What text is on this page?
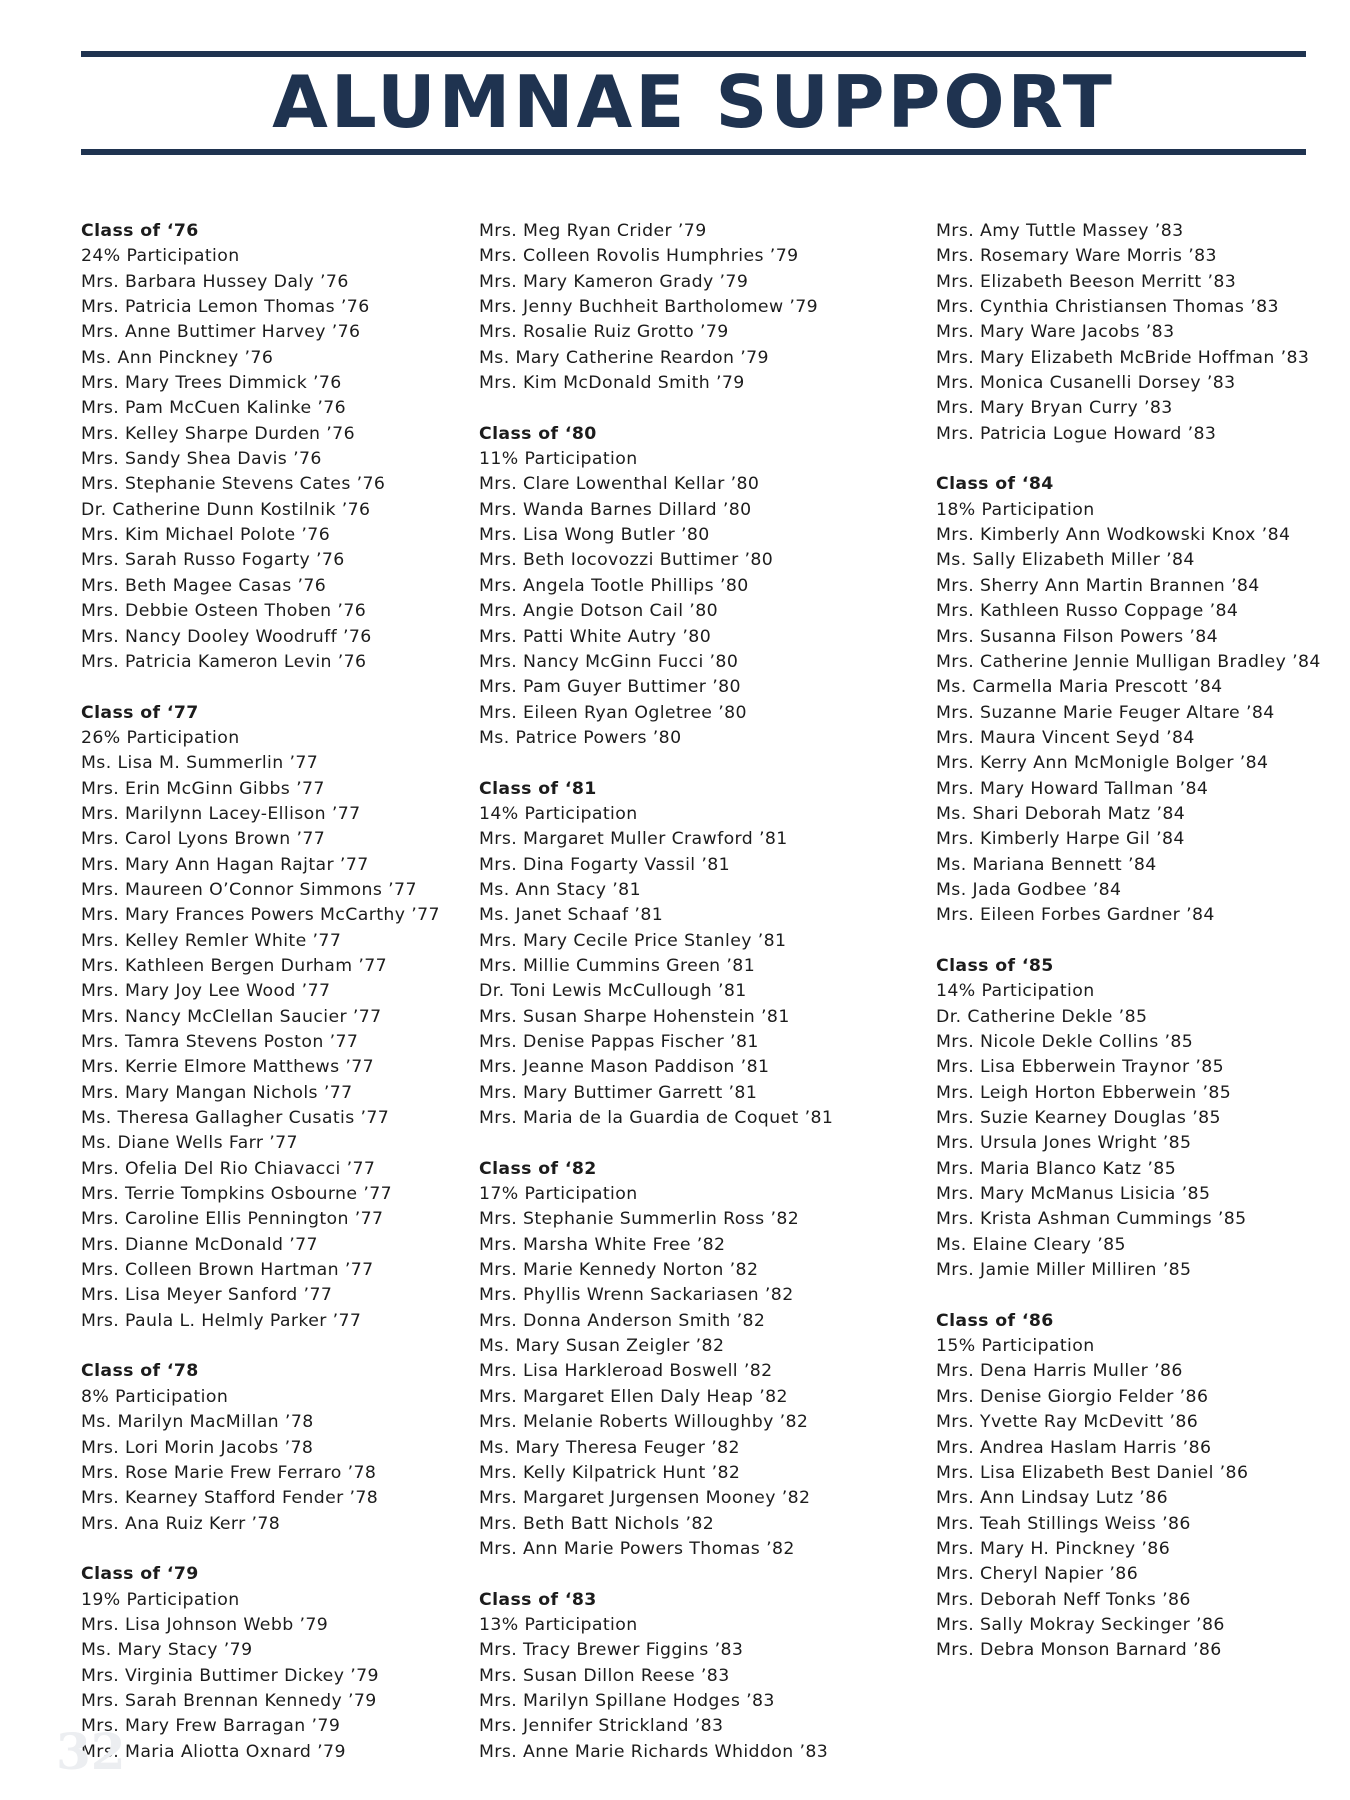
ALUMNAE SUPPORT
Class of ‘76
24% Participation
Mrs. Barbara Hussey Daly ’76
Mrs. Patricia Lemon Thomas ’76
Mrs. Anne Buttimer Harvey ’76
Ms. Ann Pinckney ’76
Mrs. Mary Trees Dimmick ’76
Mrs. Pam McCuen Kalinke ’76
Mrs. Kelley Sharpe Durden ’76
Mrs. Sandy Shea Davis ’76
Mrs. Stephanie Stevens Cates ’76
Dr. Catherine Dunn Kostilnik ’76
Mrs. Kim Michael Polote ’76
Mrs. Sarah Russo Fogarty ’76
Mrs. Beth Magee Casas ’76
Mrs. Debbie Osteen Thoben ’76
Mrs. Nancy Dooley Woodruff ’76
Mrs. Patricia Kameron Levin ’76
Class of ‘77
26% Participation
Ms. Lisa M. Summerlin ’77
Mrs. Erin McGinn Gibbs ’77
Mrs. Marilynn Lacey-Ellison ’77
Mrs. Carol Lyons Brown ’77
Mrs. Mary Ann Hagan Rajtar ’77
Mrs. Maureen O’Connor Simmons ’77
Mrs. Mary Frances Powers McCarthy ’77
Mrs. Kelley Remler White ’77
Mrs. Kathleen Bergen Durham ’77
Mrs. Mary Joy Lee Wood ’77
Mrs. Nancy McClellan Saucier ’77
Mrs. Tamra Stevens Poston ’77
Mrs. Kerrie Elmore Matthews ’77
Mrs. Mary Mangan Nichols ’77
Ms. Theresa Gallagher Cusatis ’77
Ms. Diane Wells Farr ’77
Mrs. Ofelia Del Rio Chiavacci ’77
Mrs. Terrie Tompkins Osbourne ’77
Mrs. Caroline Ellis Pennington ’77
Mrs. Dianne McDonald ’77
Mrs. Colleen Brown Hartman ’77
Mrs. Lisa Meyer Sanford ’77
Mrs. Paula L. Helmly Parker ’77
Class of ‘78
8% Participation
Ms. Marilyn MacMillan ’78
Mrs. Lori Morin Jacobs ’78
Mrs. Rose Marie Frew Ferraro ’78
Mrs. Kearney Stafford Fender ’78
Mrs. Ana Ruiz Kerr ’78
Class of ‘79
19% Participation
Mrs. Lisa Johnson Webb ’79
Ms. Mary Stacy ’79
Mrs. Virginia Buttimer Dickey ’79
Mrs. Sarah Brennan Kennedy ’79
Mrs. Mary Frew Barragan ’79
Mrs. Maria Aliotta Oxnard ’79
Mrs. Meg Ryan Crider ’79
Mrs. Colleen Rovolis Humphries ’79
Mrs. Mary Kameron Grady ’79
Mrs. Jenny Buchheit Bartholomew ’79
Mrs. Rosalie Ruiz Grotto ’79
Ms. Mary Catherine Reardon ’79
Mrs. Kim McDonald Smith ’79
Class of ‘80
11% Participation
Mrs. Clare Lowenthal Kellar ’80
Mrs. Wanda Barnes Dillard ’80
Mrs. Lisa Wong Butler ’80
Mrs. Beth Iocovozzi Buttimer ’80
Mrs. Angela Tootle Phillips ’80
Mrs. Angie Dotson Cail ’80
Mrs. Patti White Autry ’80
Mrs. Nancy McGinn Fucci ’80
Mrs. Pam Guyer Buttimer ’80
Mrs. Eileen Ryan Ogletree ’80
Ms. Patrice Powers ’80
Class of ‘81
14% Participation
Mrs. Margaret Muller Crawford ’81
Mrs. Dina Fogarty Vassil ’81
Ms. Ann Stacy ’81
Ms. Janet Schaaf ’81
Mrs. Mary Cecile Price Stanley ’81
Mrs. Millie Cummins Green ’81
Dr. Toni Lewis McCullough ’81
Mrs. Susan Sharpe Hohenstein ’81
Mrs. Denise Pappas Fischer ’81
Mrs. Jeanne Mason Paddison ’81
Mrs. Mary Buttimer Garrett ’81
Mrs. Maria de la Guardia de Coquet ’81
Class of ‘82
17% Participation
Mrs. Stephanie Summerlin Ross ’82
Mrs. Marsha White Free ’82
Mrs. Marie Kennedy Norton ’82
Mrs. Phyllis Wrenn Sackariasen ’82
Mrs. Donna Anderson Smith ’82
Ms. Mary Susan Zeigler ’82
Mrs. Lisa Harkleroad Boswell ’82
Mrs. Margaret Ellen Daly Heap ’82
Mrs. Melanie Roberts Willoughby ’82
Ms. Mary Theresa Feuger ’82
Mrs. Kelly Kilpatrick Hunt ’82
Mrs. Margaret Jurgensen Mooney ’82
Mrs. Beth Batt Nichols ’82
Mrs. Ann Marie Powers Thomas ’82
Class of ‘83
13% Participation
Mrs. Tracy Brewer Figgins ’83
Mrs. Susan Dillon Reese ’83
Mrs. Marilyn Spillane Hodges ’83
Mrs. Jennifer Strickland ’83
Mrs. Anne Marie Richards Whiddon ’83
Mrs. Amy Tuttle Massey ’83
Mrs. Rosemary Ware Morris ’83
Mrs. Elizabeth Beeson Merritt ’83
Mrs. Cynthia Christiansen Thomas ’83
Mrs. Mary Ware Jacobs ’83
Mrs. Mary Elizabeth McBride Hoffman ’83
Mrs. Monica Cusanelli Dorsey ’83
Mrs. Mary Bryan Curry ’83
Mrs. Patricia Logue Howard ’83
Class of ‘84
18% Participation
Mrs. Kimberly Ann Wodkowski Knox ’84
Ms. Sally Elizabeth Miller ’84
Mrs. Sherry Ann Martin Brannen ’84
Mrs. Kathleen Russo Coppage ’84
Mrs. Susanna Filson Powers ’84
Mrs. Catherine Jennie Mulligan Bradley ’84
Ms. Carmella Maria Prescott ’84
Mrs. Suzanne Marie Feuger Altare ’84
Mrs. Maura Vincent Seyd ’84
Mrs. Kerry Ann McMonigle Bolger ’84
Mrs. Mary Howard Tallman ’84
Ms. Shari Deborah Matz ’84
Mrs. Kimberly Harpe Gil ’84
Ms. Mariana Bennett ’84
Ms. Jada Godbee ’84
Mrs. Eileen Forbes Gardner ’84
Class of ‘85
14% Participation
Dr. Catherine Dekle ’85
Mrs. Nicole Dekle Collins ’85
Mrs. Lisa Ebberwein Traynor ’85
Mrs. Leigh Horton Ebberwein ’85
Mrs. Suzie Kearney Douglas ’85
Mrs. Ursula Jones Wright ’85
Mrs. Maria Blanco Katz ’85
Mrs. Mary McManus Lisicia ’85
Mrs. Krista Ashman Cummings ’85
Ms. Elaine Cleary ’85
Mrs. Jamie Miller Milliren ’85
Class of ‘86
15% Participation
Mrs. Dena Harris Muller ’86
Mrs. Denise Giorgio Felder ’86
Mrs. Yvette Ray McDevitt ’86
Mrs. Andrea Haslam Harris ’86
Mrs. Lisa Elizabeth Best Daniel ’86
Mrs. Ann Lindsay Lutz ’86
Mrs. Teah Stillings Weiss ’86
Mrs. Mary H. Pinckney ’86
Mrs. Cheryl Napier ’86
Mrs. Deborah Neff Tonks ’86
Mrs. Sally Mokray Seckinger ’86
Mrs. Debra Monson Barnard ’86
32
